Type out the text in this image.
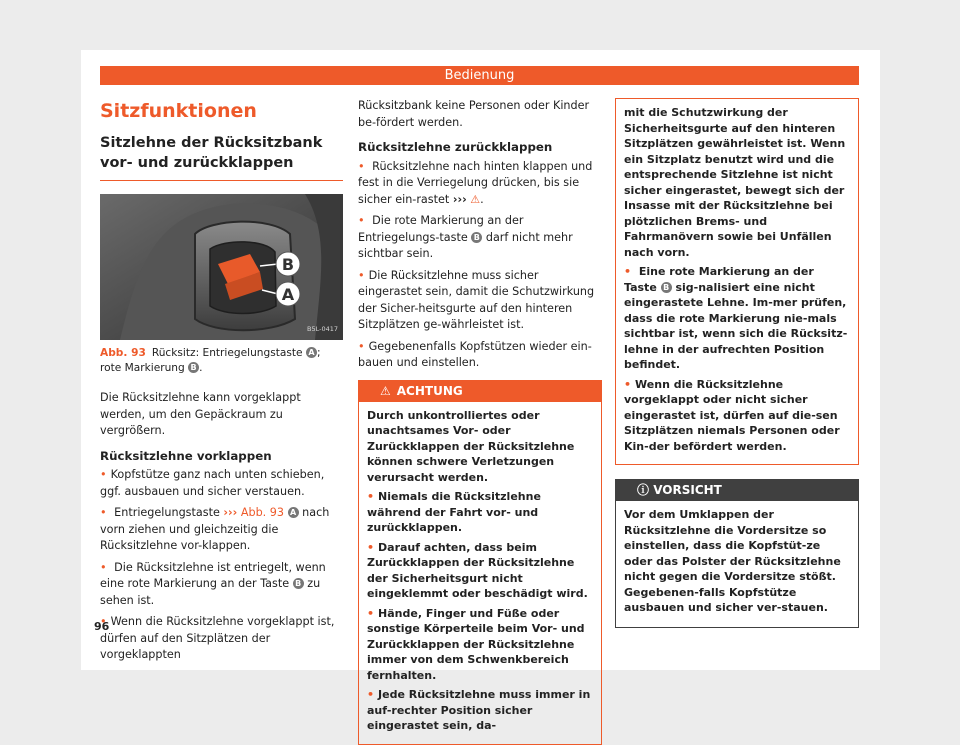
Bedienung
Sitzfunktionen
Sitzlehne der Rücksitzbank vor- und zurückklappen
B
A
B5L-0417
Abb. 93 Rücksitz: Entriegelungstaste A ; rote Markierung B .

Die Rücksitzlehne kann vorgeklappt werden, um den Gepäckraum zu vergrößern.

Rücksitzlehne vorklappen

• Kopfstütze ganz nach unten schieben, ggf. ausbauen und sicher verstauen.

• Entriegelungstaste ››› Abb. 93 A nach vorn ziehen und gleichzeitig die Rücksitzlehne vor-klappen.

• Die Rücksitzlehne ist entriegelt, wenn eine rote Markierung an der Taste B zu sehen ist.

• Wenn die Rücksitzlehne vorgeklappt ist, dürfen auf den Sitzplätzen der vorgeklappten

Rücksitzbank keine Personen oder Kinder be-fördert werden.

Rücksitzlehne zurückklappen

• Rücksitzlehne nach hinten klappen und fest in die Verriegelung drücken, bis sie sicher ein-rastet ››› ⚠.

• Die rote Markierung an der Entriegelungs-taste B darf nicht mehr sichtbar sein.

• Die Rücksitzlehne muss sicher eingerastet sein, damit die Schutzwirkung der Sicher-heitsgurte auf den hinteren Sitzplätzen ge-währleistet ist.

• Gegebenenfalls Kopfstützen wieder ein-bauen und einstellen.

⚠ ACHTUNG

Durch unkontrolliertes oder unachtsames Vor- oder Zurückklappen der Rücksitzlehne können schwere Verletzungen verursacht werden.

• Niemals die Rücksitzlehne während der Fahrt vor- und zurückklappen.

• Darauf achten, dass beim Zurückklappen der Rücksitzlehne der Sicherheitsgurt nicht eingeklemmt oder beschädigt wird.

• Hände, Finger und Füße oder sonstige Körperteile beim Vor- und Zurückklappen der Rücksitzlehne immer von dem Schwenkbereich fernhalten.

• Jede Rücksitzlehne muss immer in auf-rechter Position sicher eingerastet sein, da-

mit die Schutzwirkung der Sicherheitsgurte auf den hinteren Sitzplätzen gewährleistet ist. Wenn ein Sitzplatz benutzt wird und die entsprechende Sitzlehne ist nicht sicher eingerastet, bewegt sich der Insasse mit der Rücksitzlehne bei plötzlichen Brems- und Fahrmanövern sowie bei Unfällen nach vorn.

• Eine rote Markierung an der Taste B sig-nalisiert eine nicht eingerastete Lehne. Im-mer prüfen, dass die rote Markierung nie-mals sichtbar ist, wenn sich die Rücksitz-lehne in der aufrechten Position befindet.

• Wenn die Rücksitzlehne vorgeklappt oder nicht sicher eingerastet ist, dürfen auf die-sen Sitzplätzen niemals Personen oder Kin-der befördert werden.

ⓘ VORSICHT

Vor dem Umklappen der Rücksitzlehne die Vordersitze so einstellen, dass die Kopfstüt-ze oder das Polster der Rücksitzlehne nicht gegen die Vordersitze stößt. Gegebenen-falls Kopfstütze ausbauen und sicher ver-stauen.

96
